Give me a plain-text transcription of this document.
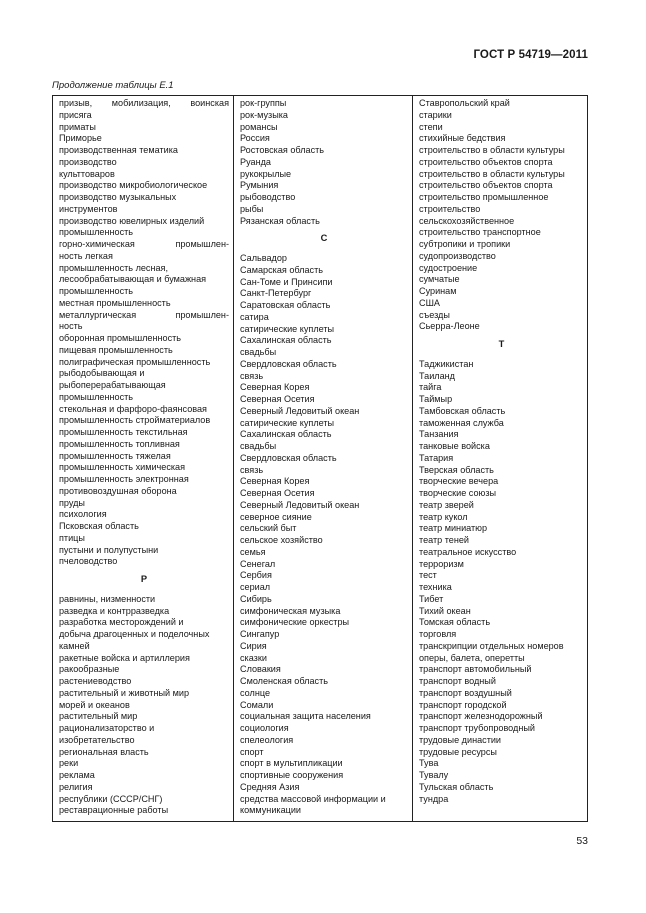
ГОСТ Р 54719—2011
Продолжение таблицы Е.1
призыв, мобилизация, воинская
присяга
приматы
Приморье
производственная тематика
производство
культтоваров
производство микробиологическое
производство музыкальных
инструментов
производство ювелирных изделий
промышленность
горно-химическая промышлен-
ность легкая
промышленность лесная,
лесообрабатывающая и бумажная
промышленность
местная промышленность
металлургическая промышлен-
ность
оборонная промышленность
пищевая промышленность
полиграфическая промышленность
рыбодобывающая и
рыбоперерабатывающая
промышленность
стекольная и фарфоро-фаянсовая
промышленность стройматериалов
промышленность текстильная
промышленность топливная
промышленность тяжелая
промышленность химическая
промышленность электронная
противовоздушная оборона
пруды
психология
Псковская область
птицы
пустыни и полупустыни
пчеловодство
Р
равнины, низменности
разведка и контрразведка
разработка месторождений и
добыча драгоценных и поделочных
камней
ракетные войска и артиллерия
ракообразные
растениеводство
растительный и животный мир
морей и океанов
растительный мир
рационализаторство и
изобретательство
региональная власть
реки
реклама
религия
республики (СССР/СНГ)
реставрационные работы
рок-группы
рок-музыка
романсы
Россия
Ростовская область
Руанда
рукокрылые
Румыния
рыбоводство
рыбы
Рязанская область
С
Сальвадор
Самарская область
Сан-Томе и Принсипи
Санкт-Петербург
Саратовская область
сатира
сатирические куплеты
Сахалинская область
свадьбы
Свердловская область
связь
Северная Корея
Северная Осетия
Северный Ледовитый океан
сатирические куплеты
Сахалинская область
свадьбы
Свердловская область
связь
Северная Корея
Северная Осетия
Северный Ледовитый океан
северное сияние
сельский быт
сельское хозяйство
семья
Сенегал
Сербия
сериал
Сибирь
симфоническая музыка
симфонические оркестры
Сингапур
Сирия
сказки
Словакия
Смоленская область
солнце
Сомали
социальная защита населения
социология
спелеология
спорт
спорт в мультипликации
спортивные сооружения
Средняя Азия
средства массовой информации и
коммуникации
Ставропольский край
старики
степи
стихийные бедствия
строительство в области культуры
строительство объектов спорта
строительство в области культуры
строительство объектов спорта
строительство промышленное
строительство
сельскохозяйственное
строительство транспортное
субтропики и тропики
судопроизводство
судостроение
сумчатые
Суринам
США
съезды
Сьерра-Леоне
Т
Таджикистан
Таиланд
тайга
Таймыр
Тамбовская область
таможенная служба
Танзания
танковые войска
Татария
Тверская область
творческие вечера
творческие союзы
театр зверей
театр кукол
театр миниатюр
театр теней
театральное искусство
терроризм
тест
техника
Тибет
Тихий океан
Томская область
торговля
транскрипции отдельных номеров
оперы, балета, оперетты
транспорт автомобильный
транспорт водный
транспорт воздушный
транспорт городской
транспорт железнодорожный
транспорт трубопроводный
трудовые династии
трудовые ресурсы
Тува
Тувалу
Тульская область
тундра
53
